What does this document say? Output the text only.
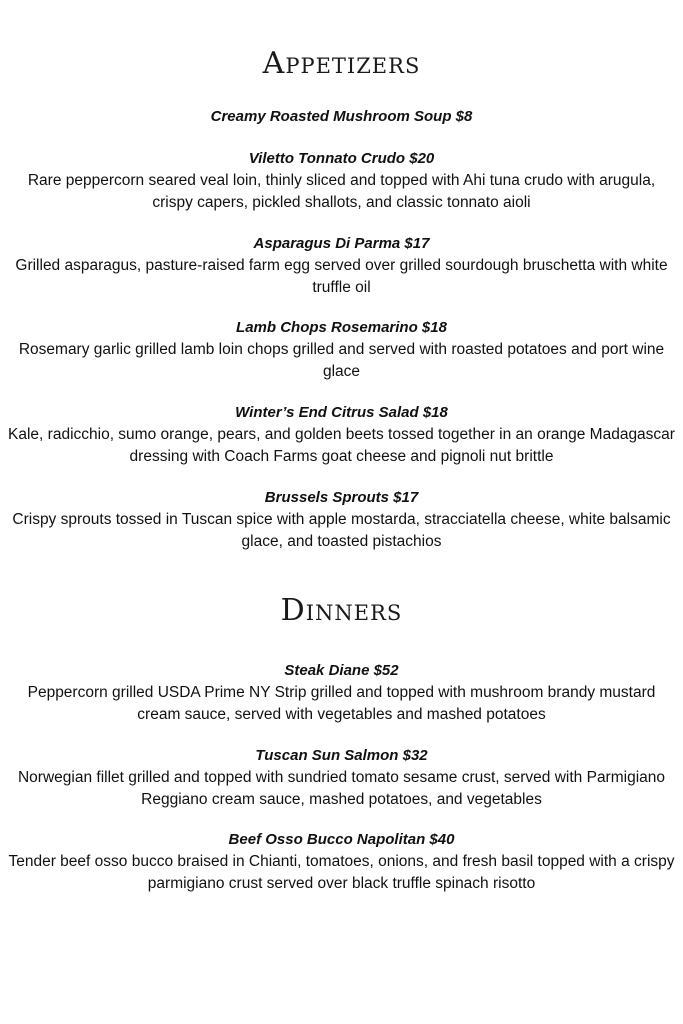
Appetizers
Creamy Roasted Mushroom Soup $8
Viletto Tonnato Crudo $20
Rare peppercorn seared veal loin, thinly sliced and topped with Ahi tuna crudo with arugula, crispy capers, pickled shallots, and classic tonnato aioli
Asparagus Di Parma $17
Grilled asparagus, pasture-raised farm egg served over grilled sourdough bruschetta with white truffle oil
Lamb Chops Rosemarino $18
Rosemary garlic grilled lamb loin chops grilled and served with roasted potatoes and port wine glace
Winter’s End Citrus Salad $18
Kale, radicchio, sumo orange, pears, and golden beets tossed together in an orange Madagascar dressing with Coach Farms goat cheese and pignoli nut brittle
Brussels Sprouts $17
Crispy sprouts tossed in Tuscan spice with apple mostarda, stracciatella cheese, white balsamic glace, and toasted pistachios
Dinners
Steak Diane $52
Peppercorn grilled USDA Prime NY Strip grilled and topped with mushroom brandy mustard cream sauce, served with vegetables and mashed potatoes
Tuscan Sun Salmon $32
Norwegian fillet grilled and topped with sundried tomato sesame crust, served with Parmigiano Reggiano cream sauce, mashed potatoes, and vegetables
Beef Osso Bucco Napolitan $40
Tender beef osso bucco braised in Chianti, tomatoes, onions, and fresh basil topped with a crispy parmigiano crust served over black truffle spinach risotto
